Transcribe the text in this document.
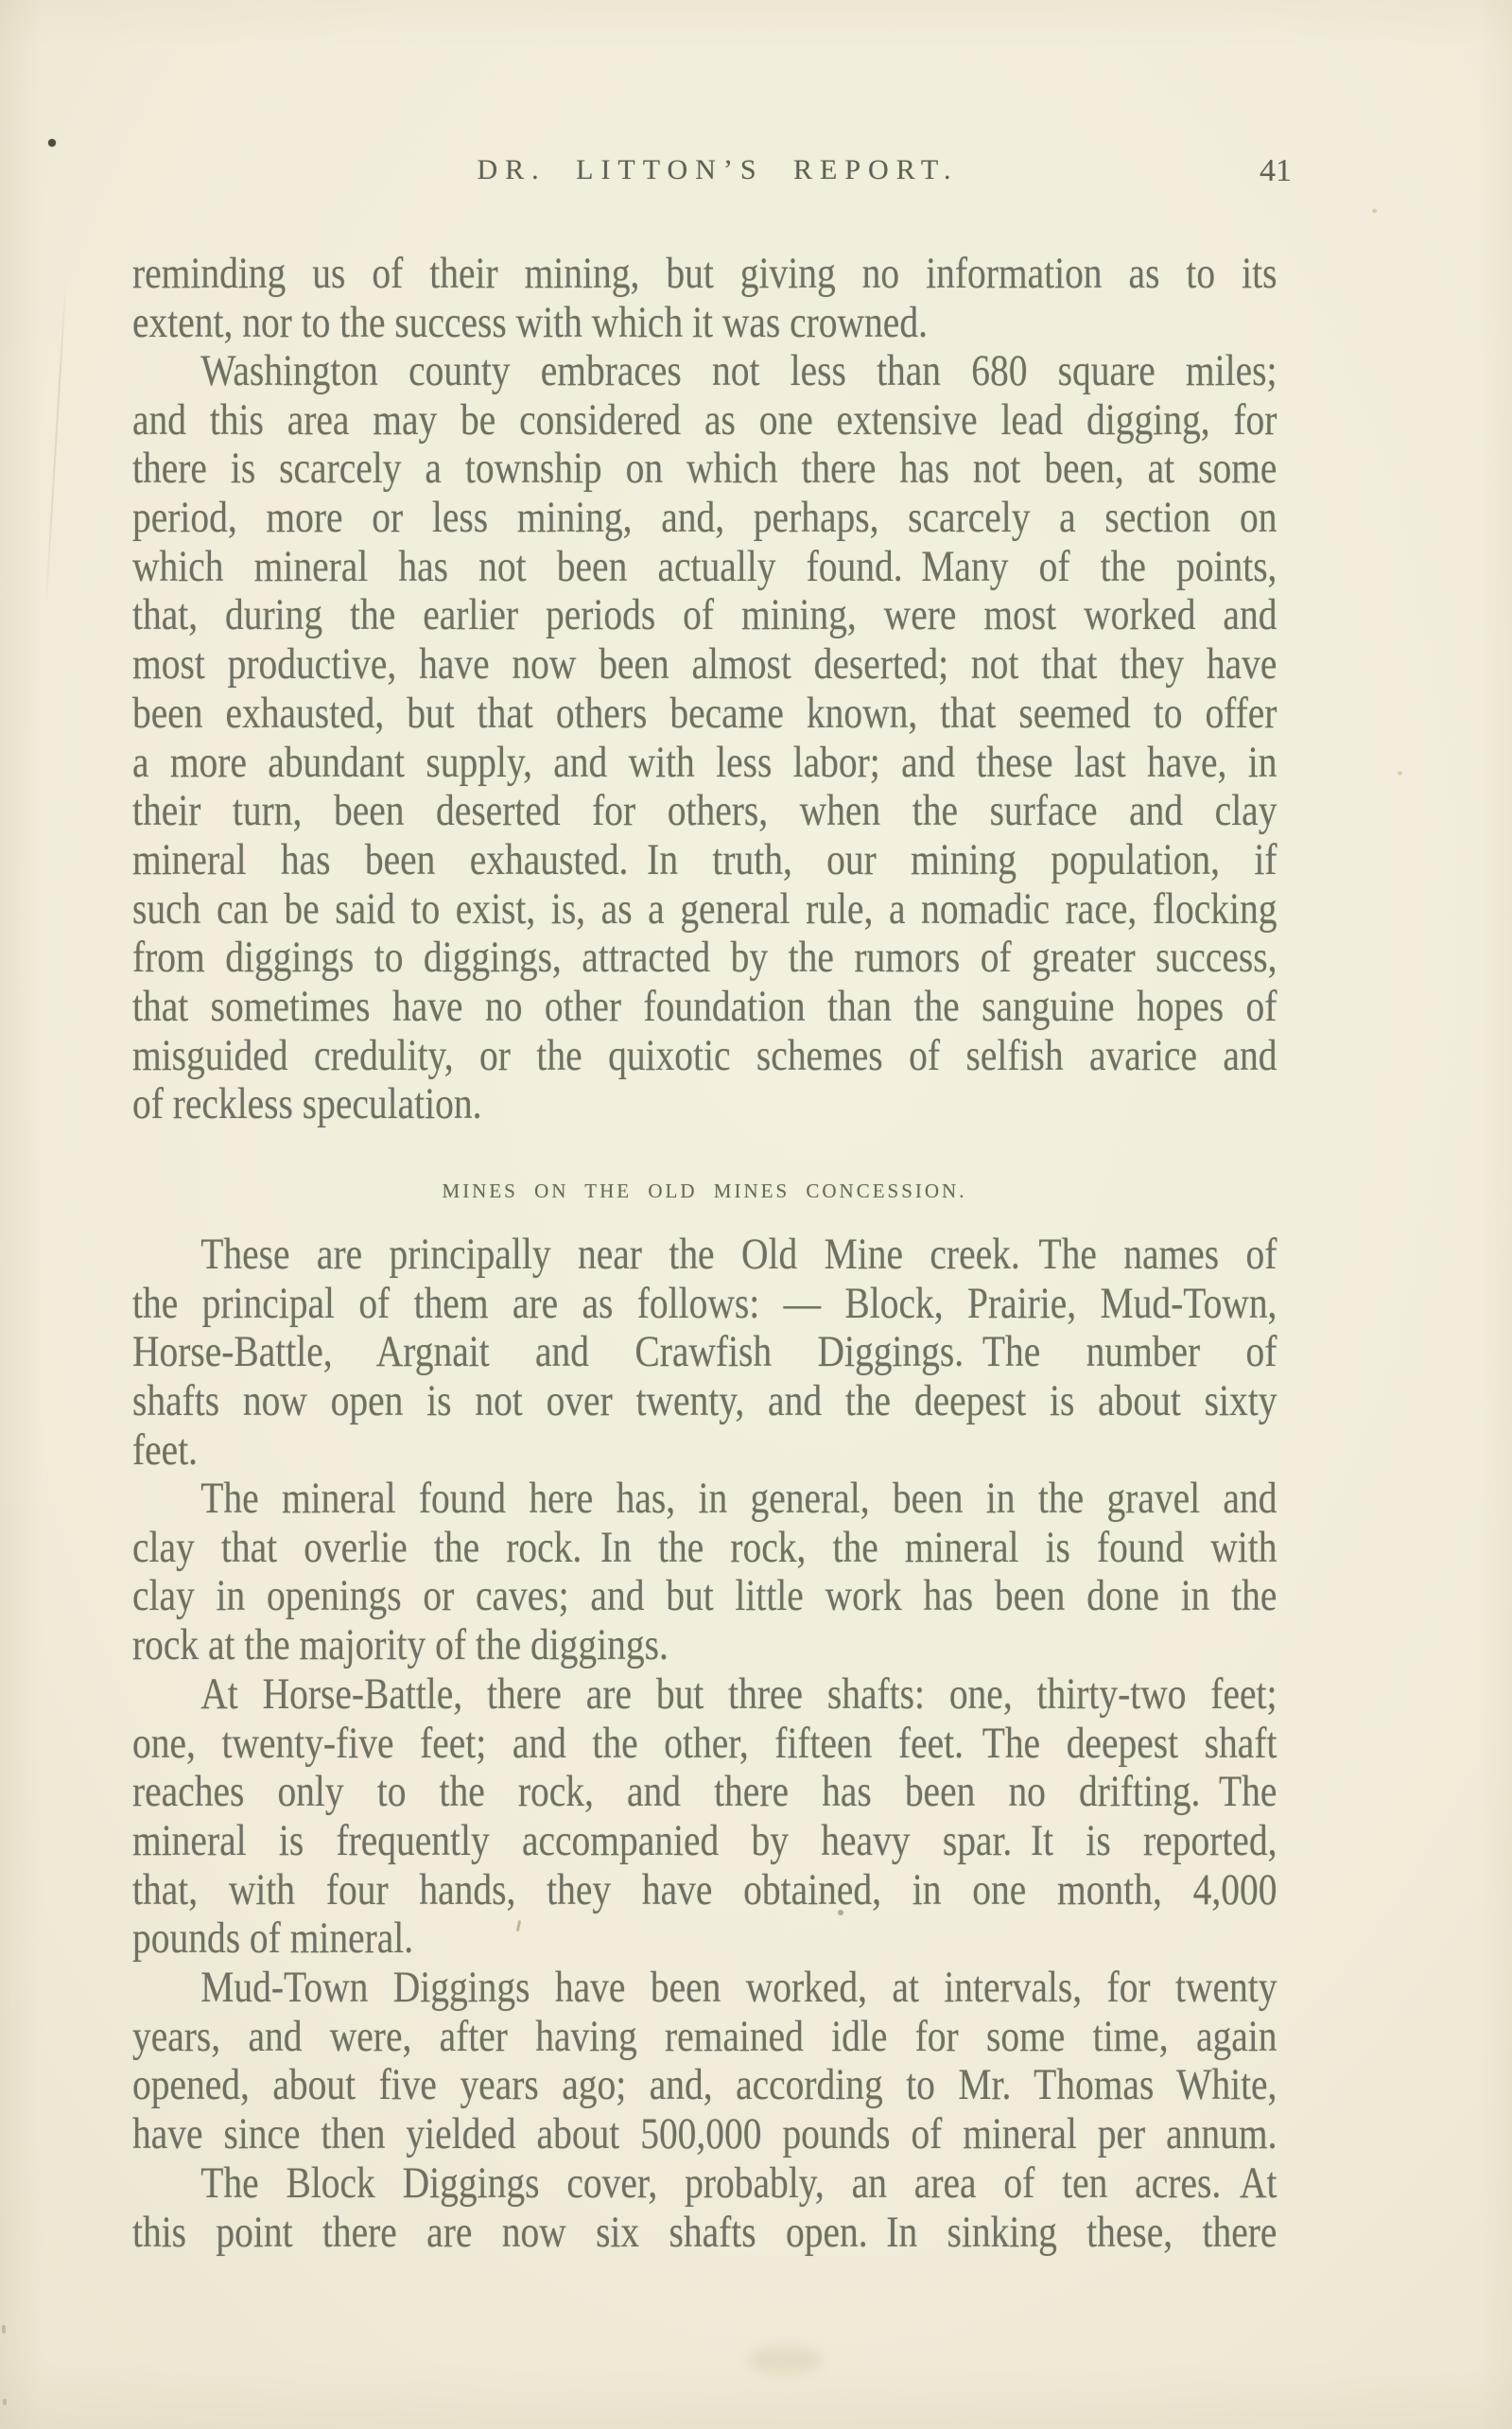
DR. LITTON’S REPORT.	41
reminding us of their mining, but giving no information as to its
extent, nor to the success with which it was crowned.
Washington county embraces not less than 680 square miles;
and this area may be considered as one extensive lead digging, for
there is scarcely a township on which there has not been, at some
period, more or less mining, and, perhaps, scarcely a section on
which mineral has not been actually found. Many of the points,
that, during the earlier periods of mining, were most worked and
most productive, have now been almost deserted; not that they have
been exhausted, but that others became known, that seemed to offer
a more abundant supply, and with less labor; and these last have, in
their turn, been deserted for others, when the surface and clay
mineral has been exhausted. In truth, our mining population, if
such can be said to exist, is, as a general rule, a nomadic race, flocking
from diggings to diggings, attracted by the rumors of greater success,
that sometimes have no other foundation than the sanguine hopes of
misguided credulity, or the quixotic schemes of selfish avarice and
of reckless speculation.
MINES ON THE OLD MINES CONCESSION.
These are principally near the Old Mine creek. The names of
the principal of them are as follows: — Block, Prairie, Mud-Town,
Horse-Battle, Argnait and Crawfish Diggings. The number of
shafts now open is not over twenty, and the deepest is about sixty
feet.
The mineral found here has, in general, been in the gravel and
clay that overlie the rock. In the rock, the mineral is found with
clay in openings or caves; and but little work has been done in the
rock at the majority of the diggings.
At Horse-Battle, there are but three shafts: one, thirty-two feet;
one, twenty-five feet; and the other, fifteen feet. The deepest shaft
reaches only to the rock, and there has been no drifting. The
mineral is frequently accompanied by heavy spar. It is reported,
that, with four hands, they have obtained, in one month, 4,000
pounds of mineral.
Mud-Town Diggings have been worked, at intervals, for twenty
years, and were, after having remained idle for some time, again
opened, about five years ago; and, according to Mr. Thomas White,
have since then yielded about 500,000 pounds of mineral per annum.
The Block Diggings cover, probably, an area of ten acres. At
this point there are now six shafts open. In sinking these, there
